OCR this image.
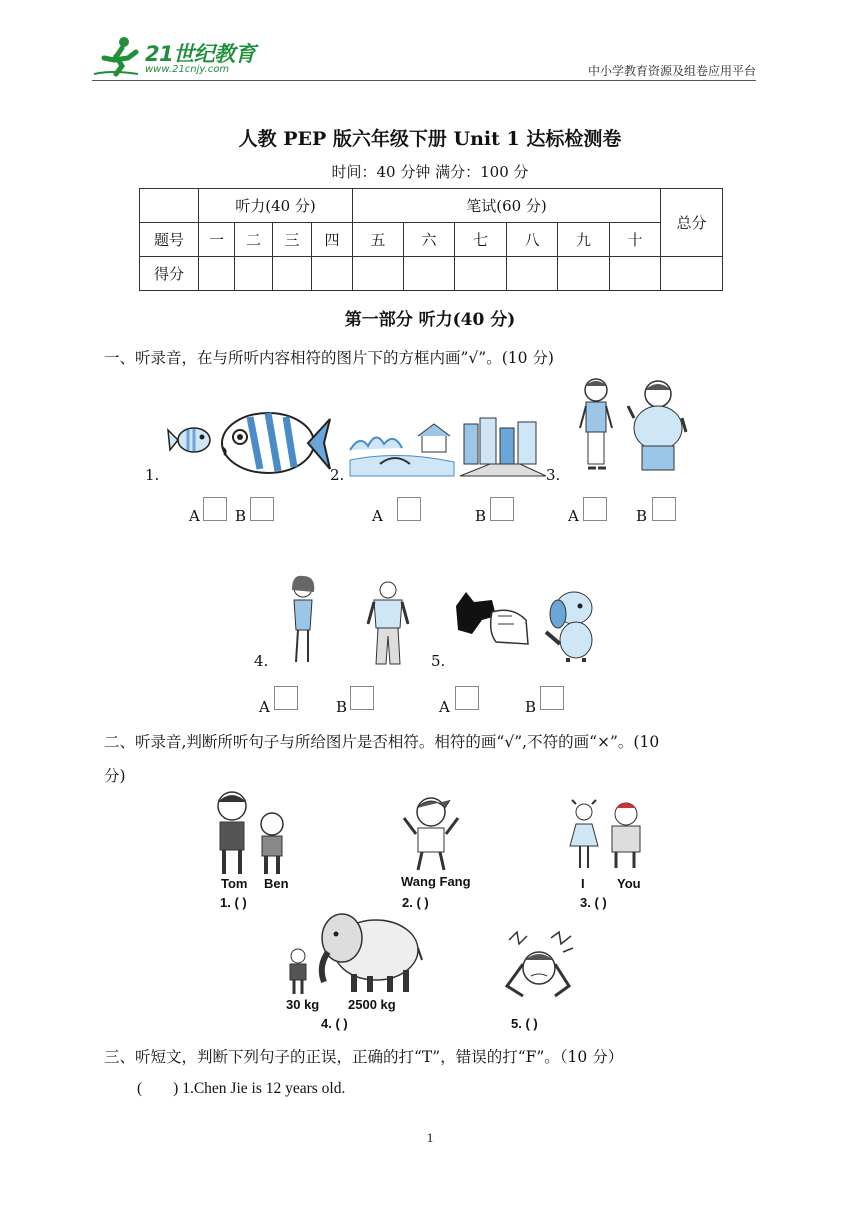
21世纪教育
www.21cnjy.com	中小学教育资源及组卷应用平台
人教 PEP 版六年级下册 Unit 1 达标检测卷
时间：40 分钟 满分：100 分
	听力(40 分)				笔试(60 分)						总分
题号	一	二	三	四	五	六	七	八	九	十	
得分											
第一部分 听力(40 分)
一、听录音，在与所听内容相符的图片下的方框内画”√”。(10 分)
1.
A B
2.
A	B
3.
A	B
4.
A	B
5.
A	B
二、听录音,判断所听句子与所给图片是否相符。相符的画“√”,不符的画“×”。(10
分)
Tom Ben
1. ( )
Wang Fang
2. ( )
I You
3. ( )
30 kg 2500 kg
4. ( )	5. ( )
三、听短文，判断下列句子的正误，正确的打“T”，错误的打“F”。（10 分）
(        ) 1.Chen Jie is 12 years old.
1
